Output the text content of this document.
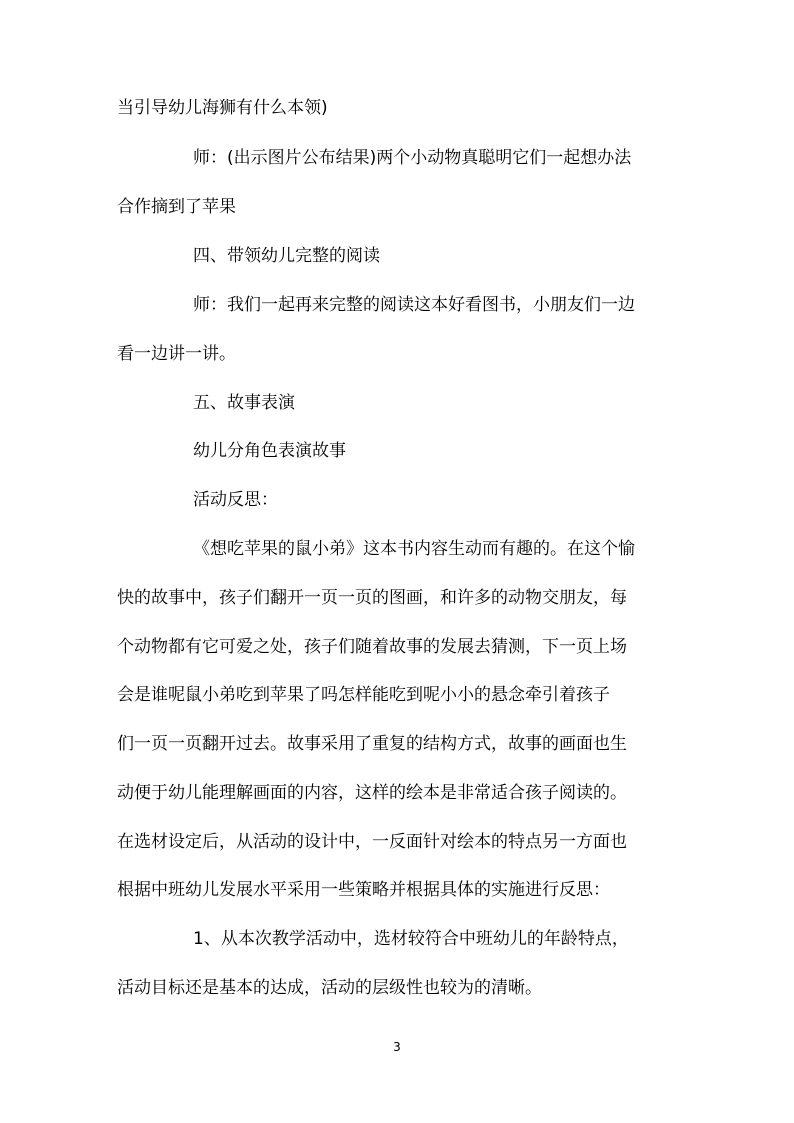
当引导幼儿海狮有什么本领)
师：(出示图片公布结果)两个小动物真聪明它们一起想办法
合作摘到了苹果
四、带领幼儿完整的阅读
师：我们一起再来完整的阅读这本好看图书，小朋友们一边
看一边讲一讲。
五、故事表演
幼儿分角色表演故事
活动反思：
《想吃苹果的鼠小弟》这本书内容生动而有趣的。在这个愉
快的故事中，孩子们翻开一页一页的图画，和许多的动物交朋友，每
个动物都有它可爱之处，孩子们随着故事的发展去猜测，下一页上场
会是谁呢鼠小弟吃到苹果了吗怎样能吃到呢小小的悬念牵引着孩子
们一页一页翻开过去。故事采用了重复的结构方式，故事的画面也生
动便于幼儿能理解画面的内容，这样的绘本是非常适合孩子阅读的。
在选材设定后，从活动的设计中，一反面针对绘本的特点另一方面也
根据中班幼儿发展水平采用一些策略并根据具体的实施进行反思：
1、从本次教学活动中，选材较符合中班幼儿的年龄特点，
活动目标还是基本的达成，活动的层级性也较为的清晰。
3
